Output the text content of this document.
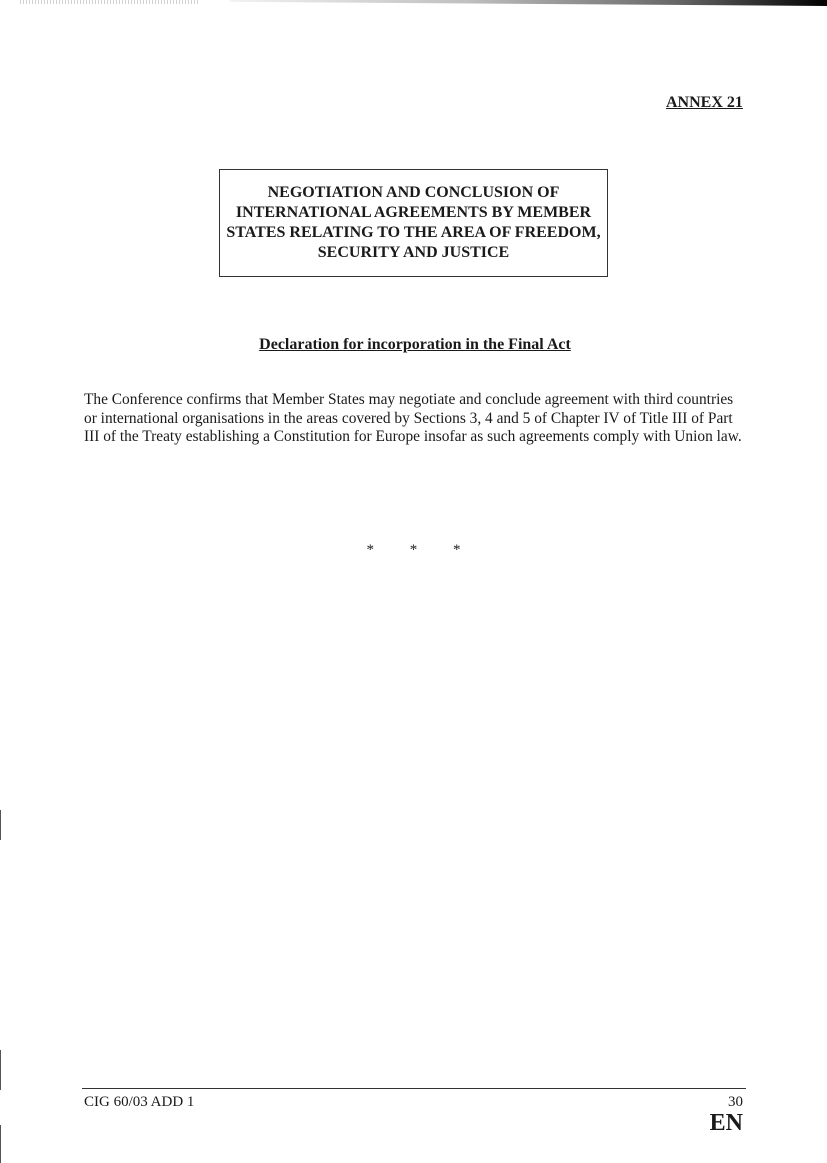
ANNEX 21

NEGOTIATION AND CONCLUSION OF INTERNATIONAL AGREEMENTS BY MEMBER STATES RELATING TO THE AREA OF FREEDOM, SECURITY AND JUSTICE

Declaration for incorporation in the Final Act

The Conference confirms that Member States may negotiate and conclude agreement with third countries or international organisations in the areas covered by Sections 3, 4 and 5 of Chapter IV of Title III of Part III of the Treaty establishing a Constitution for Europe insofar as such agreements comply with Union law.

* * *

CIG 60/03 ADD 1	30
EN
